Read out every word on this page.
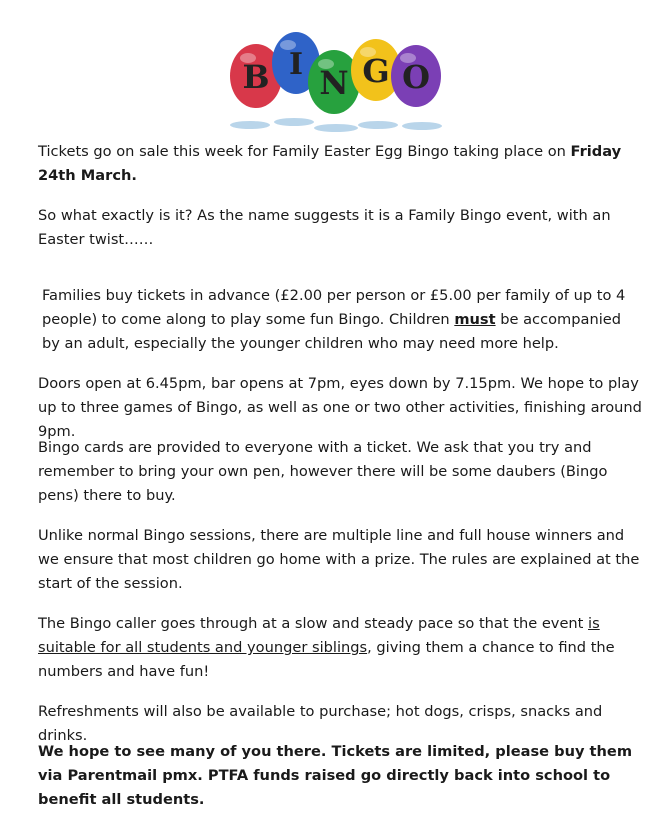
B I N G O

Tickets go on sale this week for Family Easter Egg Bingo taking place on Friday 24th March.

So what exactly is it? As the name suggests it is a Family Bingo event, with an Easter twist……

Families buy tickets in advance (£2.00 per person or £5.00 per family of up to 4 people) to come along to play some fun Bingo. Children must be accompanied by an adult, especially the younger children who may need more help.

Doors open at 6.45pm, bar opens at 7pm, eyes down by 7.15pm. We hope to play up to three games of Bingo, as well as one or two other activities, finishing around 9pm.

Bingo cards are provided to everyone with a ticket. We ask that you try and remember to bring your own pen, however there will be some daubers (Bingo pens) there to buy.

Unlike normal Bingo sessions, there are multiple line and full house winners and we ensure that most children go home with a prize. The rules are explained at the start of the session.

The Bingo caller goes through at a slow and steady pace so that the event is suitable for all students and younger siblings, giving them a chance to find the numbers and have fun!

Refreshments will also be available to purchase; hot dogs, crisps, snacks and drinks.

We hope to see many of you there. Tickets are limited, please buy them via Parentmail pmx. PTFA funds raised go directly back into school to benefit all students.
